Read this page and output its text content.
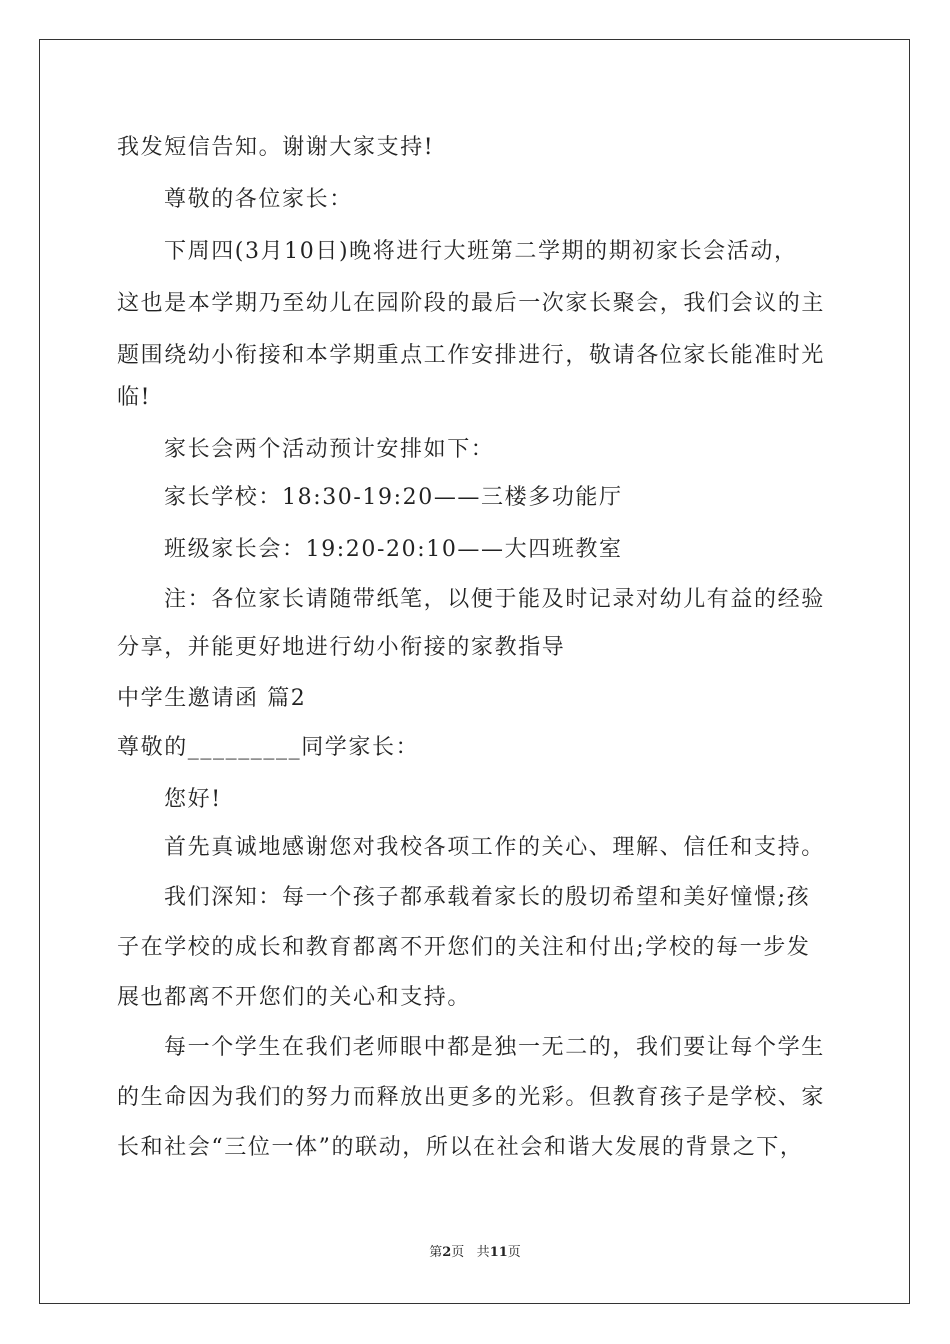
我发短信告知。谢谢大家支持!
尊敬的各位家长：
下周四(3月10日)晚将进行大班第二学期的期初家长会活动，
这也是本学期乃至幼儿在园阶段的最后一次家长聚会，我们会议的主
题围绕幼小衔接和本学期重点工作安排进行，敬请各位家长能准时光
临!
家长会两个活动预计安排如下：
家长学校：18:30-19:20——三楼多功能厅
班级家长会：19:20-20:10——大四班教室
注：各位家长请随带纸笔，以便于能及时记录对幼儿有益的经验
分享，并能更好地进行幼小衔接的家教指导
中学生邀请函 篇2
尊敬的_________同学家长：
您好!
首先真诚地感谢您对我校各项工作的关心、理解、信任和支持。
我们深知：每一个孩子都承载着家长的殷切希望和美好憧憬;孩
子在学校的成长和教育都离不开您们的关注和付出;学校的每一步发
展也都离不开您们的关心和支持。
每一个学生在我们老师眼中都是独一无二的，我们要让每个学生
的生命因为我们的努力而释放出更多的光彩。但教育孩子是学校、家
长和社会“三位一体”的联动，所以在社会和谐大发展的背景之下，
第2页 共11页
